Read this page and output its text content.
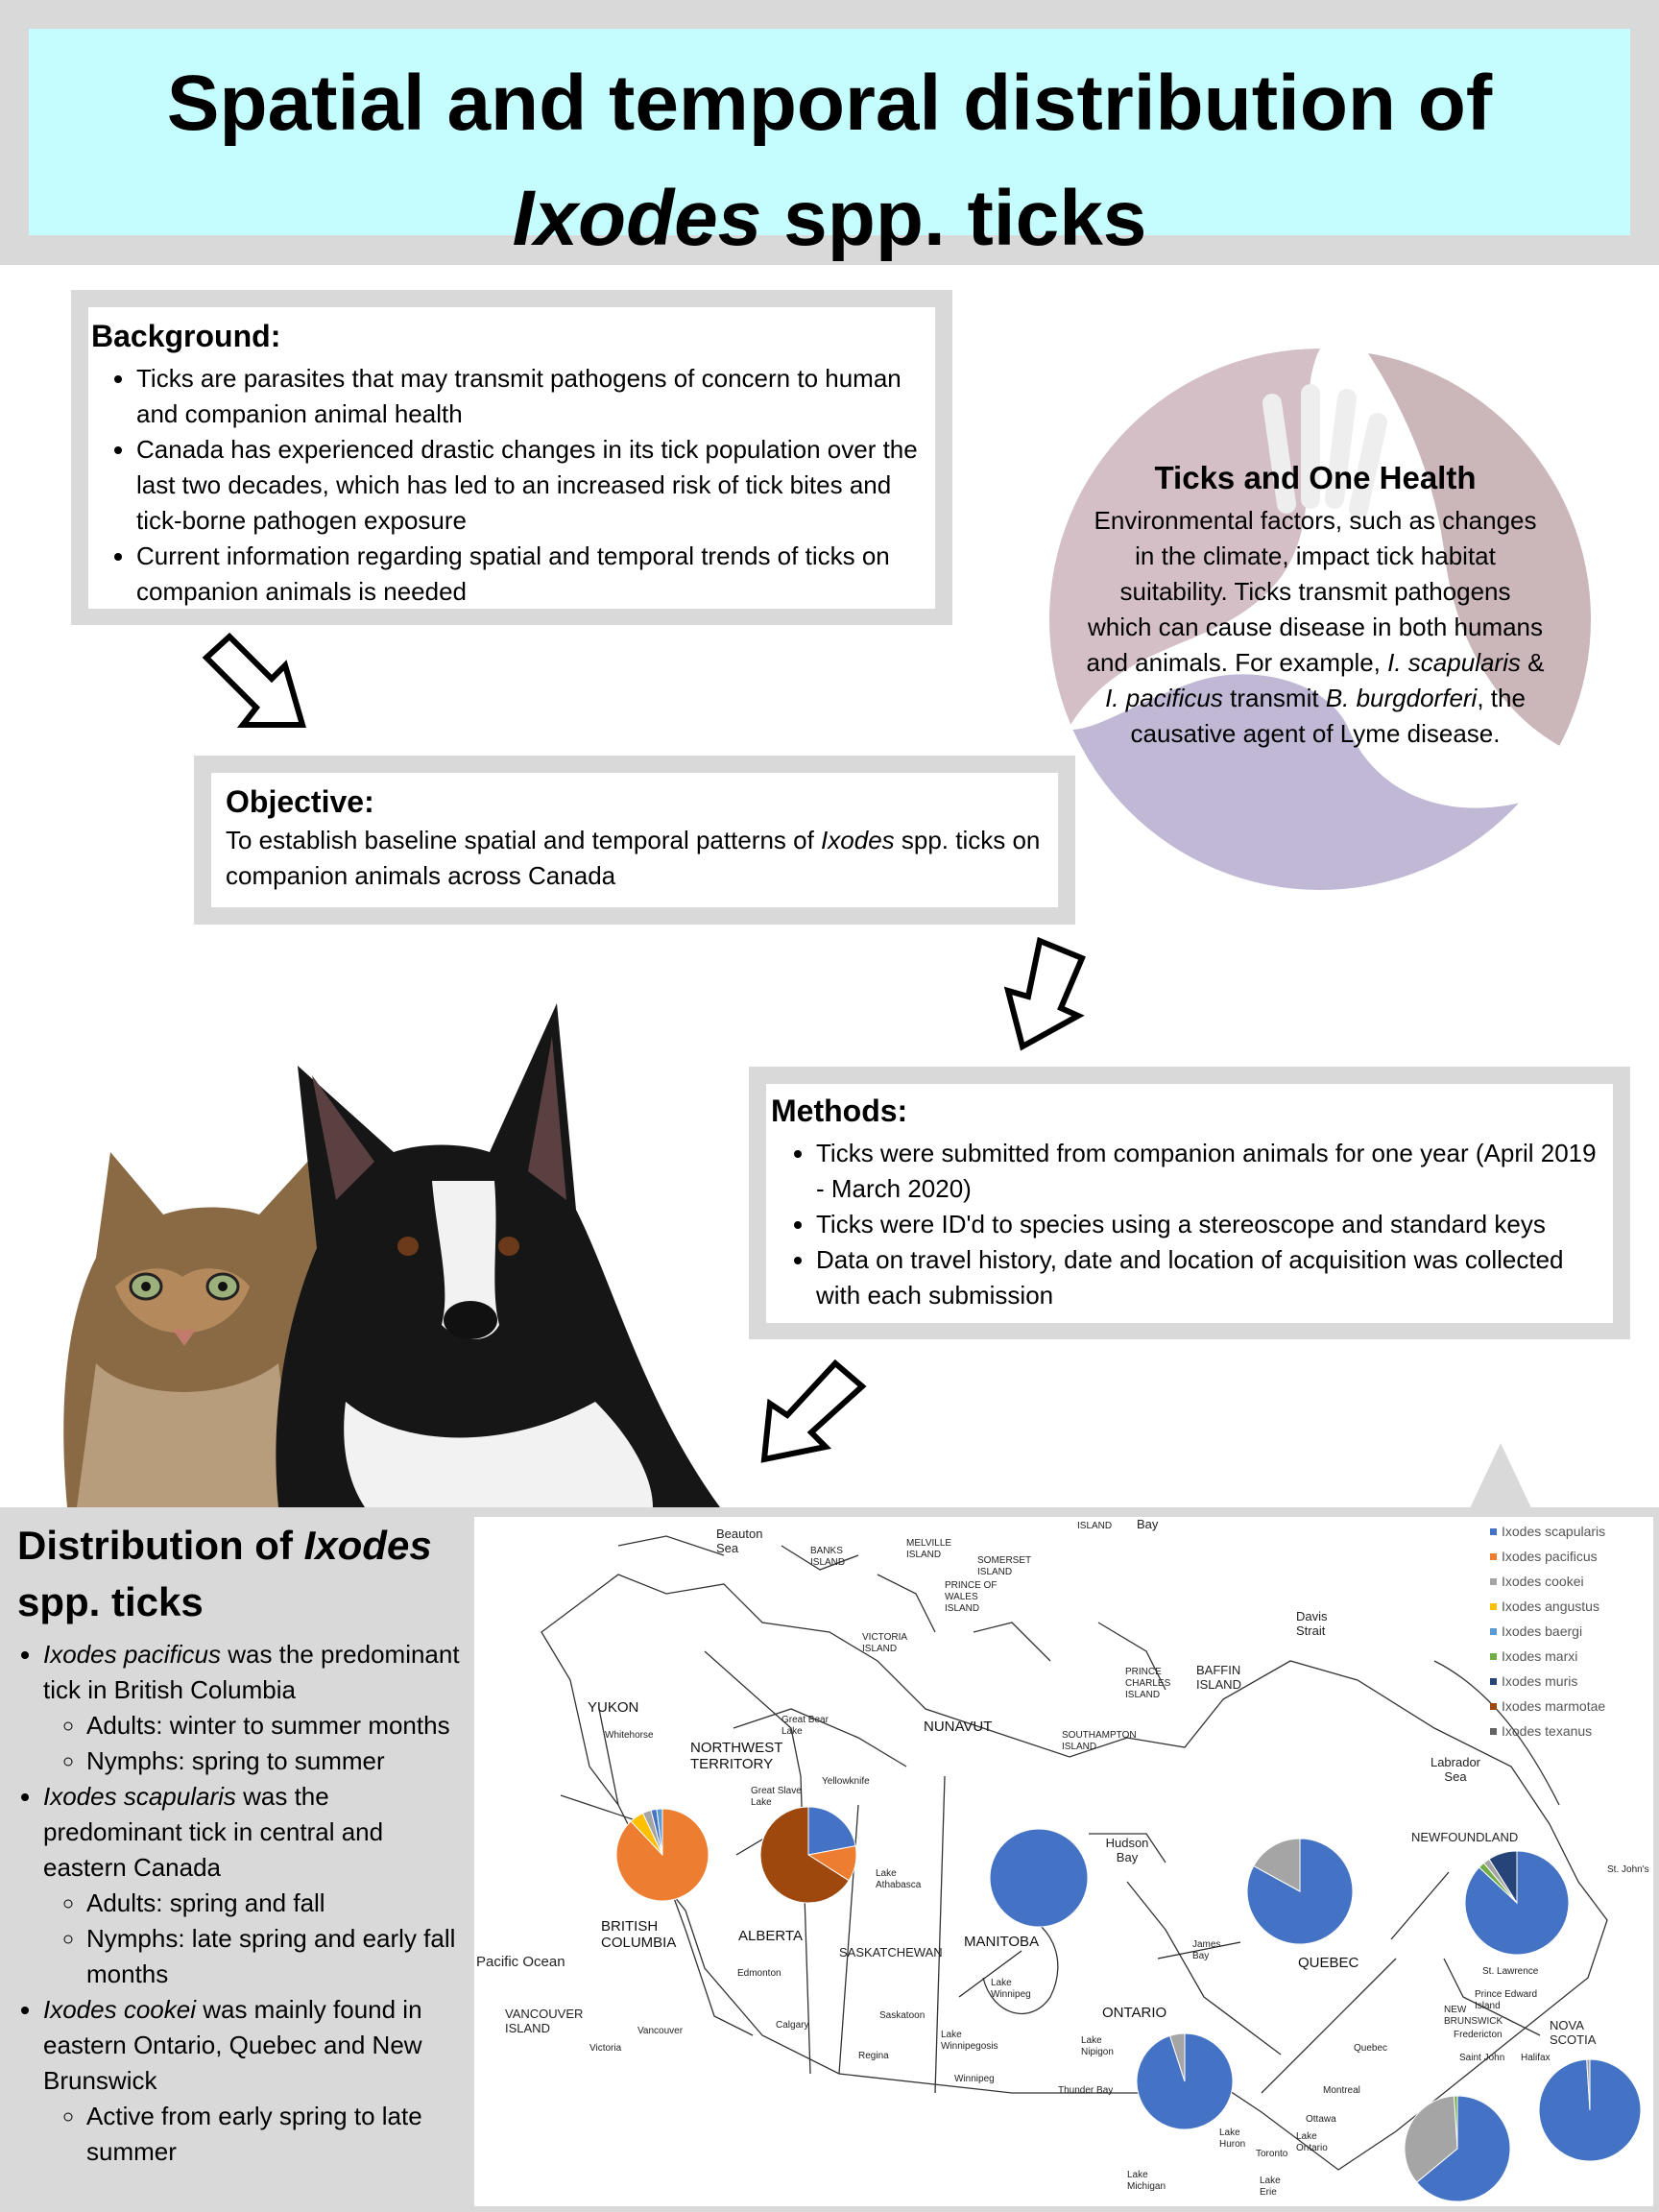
Spatial and temporal distribution of
Ixodes spp. ticks

Background:

• Ticks are parasites that may transmit pathogens of concern to human and companion animal health
• Canada has experienced drastic changes in its tick population over the last two decades, which has led to an increased risk of tick bites and tick-borne pathogen exposure
• Current information regarding spatial and temporal trends of ticks on companion animals is needed
Ticks and One Health
Environmental factors, such as changes in the climate, impact tick habitat suitability. Ticks transmit pathogens which can cause disease in both humans and animals. For example, I. scapularis & I. pacificus transmit B. burgdorferi, the causative agent of Lyme disease.

Objective:

To establish baseline spatial and temporal patterns of Ixodes spp. ticks on companion animals across Canada

Methods:

• Ticks were submitted from companion animals for one year (April 2019 - March 2020)
• Ticks were ID'd to species using a stereoscope and standard keys
• Data on travel history, date and location of acquisition was collected with each submission
Distribution of Ixodes
spp. ticks
• Ixodes pacificus was the predominant tick in British Columbia
◦ Adults: winter to summer months
◦ Nymphs: spring to summer
• Ixodes scapularis was the predominant tick in central and eastern Canada
◦ Adults: spring and fall
◦ Nymphs: late spring and early fall months
• Ixodes cookei was mainly found in eastern Ontario, Quebec and New Brunswick
◦ Active from early spring to late summer
YUKON
NORTHWEST TERRITORY
NUNAVUT
BRITISH COLUMBIA	ALBERTA
SASKATCHEWAN
MANITOBA
ONTARIO
QUEBEC
NEWFOUNDLAND
NOVA SCOTIA
BAFFIN ISLAND
VANCOUVER ISLAND
Beauton Sea	BANKS ISLAND
MELVILLE ISLAND
SOMERSET ISLAND
PRINCE OF WALES ISLAND
VICTORIA ISLAND
PRINCE CHARLES ISLAND
SOUTHAMPTON ISLAND
Davis Strait
Labrador Sea
Hudson Bay
James Bay
Great Bear Lake
Great Slave Lake
Whitehorse
Yellowknife
Lake Athabasca
Edmonton
Calgary
Saskatoon
Regina
Winnipeg
Lake Winnipeg
Lake Winnipegosis
Lake Nipigon
Thunder Bay
Pacific Ocean
Vancouver
Victoria
Montreal
Ottawa
Quebec
Toronto
Lake Ontario
Lake Erie
Lake Huron
Lake Michigan
St. Lawrence
Prince Edward Island
NEW BRUNSWICK
Fredericton
Saint John Halifax
St. John's
ISLAND Bay	Ixodes scapularis
Ixodes pacificus
Ixodes cookei
Ixodes angustus
Ixodes baergi
Ixodes marxi
Ixodes muris
Ixodes marmotae
Ixodes texanus
